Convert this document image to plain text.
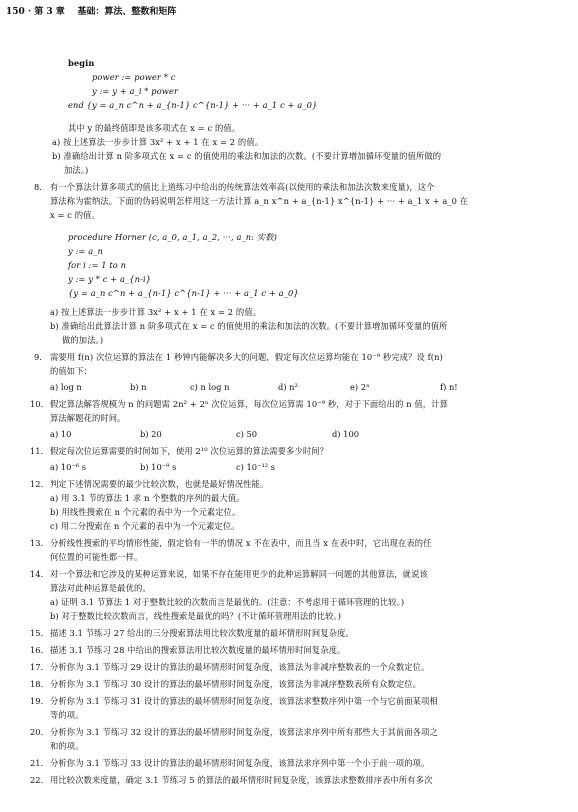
150 · 第 3 章 基础：算法、整数和矩阵
begin
power := power * c
y := y + a_i * power
end {y = a_n c^n + a_{n-1} c^{n-1} + ··· + a_1 c + a_0}
其中 y 的最终值即是该多项式在 x = c 的值。
a) 按上述算法一步步计算 3x² + x + 1 在 x = 2 的值。
b) 准确给出计算 n 阶多项式在 x = c 的值使用的乘法和加法的次数。(不要计算增加循环变量的值所做的
加法。)
8. 有一个算法计算多项式的值比上道练习中给出的传统算法效率高(以使用的乘法和加法次数来度量)，这个
算法称为霍纳法。下面的伪码说明怎样用这一方法计算 a_n x^n + a_{n-1} x^{n-1} + ··· + a_1 x + a_0 在
x = c 的值。
procedure Horner (c, a_0, a_1, a_2, ···, a_n: 实数)
y := a_n
for i := 1 to n
y := y * c + a_{n-i}
{y = a_n c^n + a_{n-1} c^{n-1} + ··· + a_1 c + a_0}
a) 按上述算法一步步计算 3x² + x + 1 在 x = 2 的值。
b) 准确给出此算法计算 n 阶多项式在 x = c 的值使用的乘法和加法的次数。(不要计算增加循环变量的值所
做的加法。)
9. 需要用 f(n) 次位运算的算法在 1 秒钟内能解决多大的问题，假定每次位运算均能在 10⁻⁹ 秒完成？设 f(n)
的值如下：
a) log n	b) n	c) n log n	d) n²	e) 2ⁿ	f) n!
10. 假定算法解答规模为 n 的问题需 2n² + 2ⁿ 次位运算，每次位运算需 10⁻⁹ 秒，对于下面给出的 n 值，计算
算法解题花的时间。
a) 10	b) 20	c) 50	d) 100
11. 假定每次位运算需要的时间如下，使用 2¹⁰ 次位运算的算法需要多少时间？
a) 10⁻⁶ s	b) 10⁻⁹ s	c) 10⁻¹² s
12. 判定下述情况需要的最少比较次数，也就是最好情况性能。
a) 用 3.1 节的算法 1 求 n 个整数的序列的最大值。
b) 用线性搜索在 n 个元素的表中为一个元素定位。
c) 用二分搜索在 n 个元素的表中为一个元素定位。
13. 分析线性搜索的平均情形性能，假定恰有一半的情况 x 不在表中，而且当 x 在表中时，它出现在表的任
何位置的可能性都一样。
14. 对一个算法和它涉及的某种运算来说，如果不存在能用更少的此种运算解同一问题的其他算法，就说该
算法对此种运算是最优的。
a) 证明 3.1 节算法 1 对于整数比较的次数而言是最优的。(注意：不考虑用于循环管理的比较。)
b) 对于整数比较次数而言，线性搜索是最优的吗？(不计循环管理用法的比较。)
15. 描述 3.1 节练习 27 给出的三分搜索算法用比较次数度量的最坏情形时间复杂度。
16. 描述 3.1 节练习 28 中给出的搜索算法用比较次数度量的最坏情形时间复杂度。
17. 分析你为 3.1 节练习 29 设计的算法的最坏情形时间复杂度，该算法为非减序整数表的一个众数定位。
18. 分析你为 3.1 节练习 30 设计的算法的最坏情形时间复杂度，该算法为非减序整数表所有众数定位。
19. 分析你为 3.1 节练习 31 设计的算法的最坏情形时间复杂度，该算法求整数序列中第一个与它前面某项相
等的项。
20. 分析你为 3.1 节练习 32 设计的算法的最坏情形时间复杂度，该算法求序列中所有那些大于其前面各项之
和的项。
21. 分析你为 3.1 节练习 33 设计的算法的最坏情形时间复杂度，该算法求序列中第一个小于前一项的项。
22. 用比较次数来度量，确定 3.1 节练习 5 的算法的最坏情形时间复杂度，该算法求整数排序表中所有多次
